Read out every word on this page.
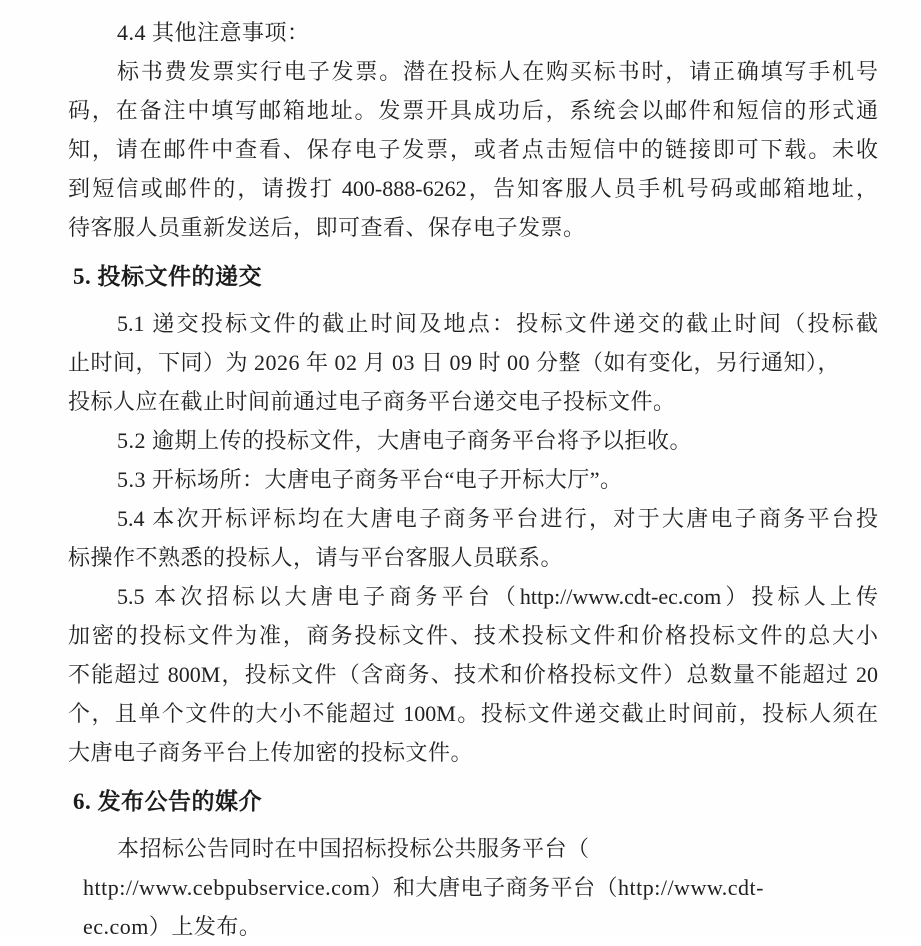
4.4 其他注意事项：
标书费发票实行电子发票。潜在投标人在购买标书时，请正确填写手机号
码，在备注中填写邮箱地址。发票开具成功后，系统会以邮件和短信的形式通
知，请在邮件中查看、保存电子发票，或者点击短信中的链接即可下载。未收
到短信或邮件的，请拨打 400-888-6262，告知客服人员手机号码或邮箱地址，
待客服人员重新发送后，即可查看、保存电子发票。
5. 投标文件的递交
5.1 递交投标文件的截止时间及地点：投标文件递交的截止时间（投标截
止时间，下同）为 2026 年 02 月 03 日 09 时 00 分整（如有变化，另行通知），
投标人应在截止时间前通过电子商务平台递交电子投标文件。
5.2 逾期上传的投标文件，大唐电子商务平台将予以拒收。
5.3 开标场所：大唐电子商务平台“电子开标大厅”。
5.4 本次开标评标均在大唐电子商务平台进行，对于大唐电子商务平台投
标操作不熟悉的投标人，请与平台客服人员联系。
5.5 本次招标以大唐电子商务平台（http://www.cdt-ec.com）投标人上传
加密的投标文件为准，商务投标文件、技术投标文件和价格投标文件的总大小
不能超过 800M，投标文件（含商务、技术和价格投标文件）总数量不能超过 20
个，且单个文件的大小不能超过 100M。投标文件递交截止时间前，投标人须在
大唐电子商务平台上传加密的投标文件。
6. 发布公告的媒介
本招标公告同时在中国招标投标公共服务平台（
http://www.cebpubservice.com）和大唐电子商务平台（http://www.cdt-
ec.com）上发布。
